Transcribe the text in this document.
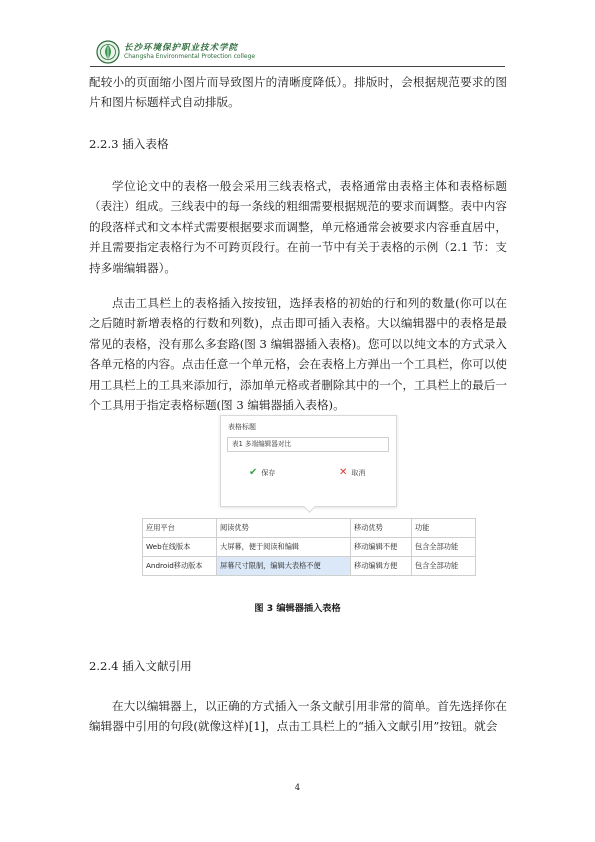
长沙环境保护职业技术学院
Changsha Environmental Protection college
配较小的页面缩小图片而导致图片的清晰度降低）。排版时，会根据规范要求的图片和图片标题样式自动排版。
2.2.3 插入表格
学位论文中的表格一般会采用三线表格式，表格通常由表格主体和表格标题（表注）组成。三线表中的每一条线的粗细需要根据规范的要求而调整。表中内容的段落样式和文本样式需要根据要求而调整，单元格通常会被要求内容垂直居中，并且需要指定表格行为不可跨页段行。在前一节中有关于表格的示例（2.1 节：支持多端编辑器）。
点击工具栏上的表格插入按按钮，选择表格的初始的行和列的数量(你可以在之后随时新增表格的行数和列数)，点击即可插入表格。大以编辑器中的表格是最常见的表格，没有那么多套路(图 3 编辑器插入表格)。您可以以纯文本的方式录入各单元格的内容。点击任意一个单元格，会在表格上方弹出一个工具栏，你可以使用工具栏上的工具来添加行，添加单元格或者删除其中的一个，工具栏上的最后一个工具用于指定表格标题(图 3 编辑器插入表格)。
表格标题
表1 多端编辑器对比
✔ 保存	✕ 取消
应用平台	阅读优势	移动优势	功能
Web在线版本	大屏幕，便于阅读和编辑	移动编辑不便	包含全部功能
Android移动版本	屏幕尺寸限制，编辑大表格不便	移动编辑方便	包含全部功能
图 3 编辑器插入表格
2.2.4 插入文献引用
在大以编辑器上，以正确的方式插入一条文献引用非常的简单。首先选择你在编辑器中引用的句段(就像这样)[1]，点击工具栏上的“插入文献引用”按钮。就会
4
